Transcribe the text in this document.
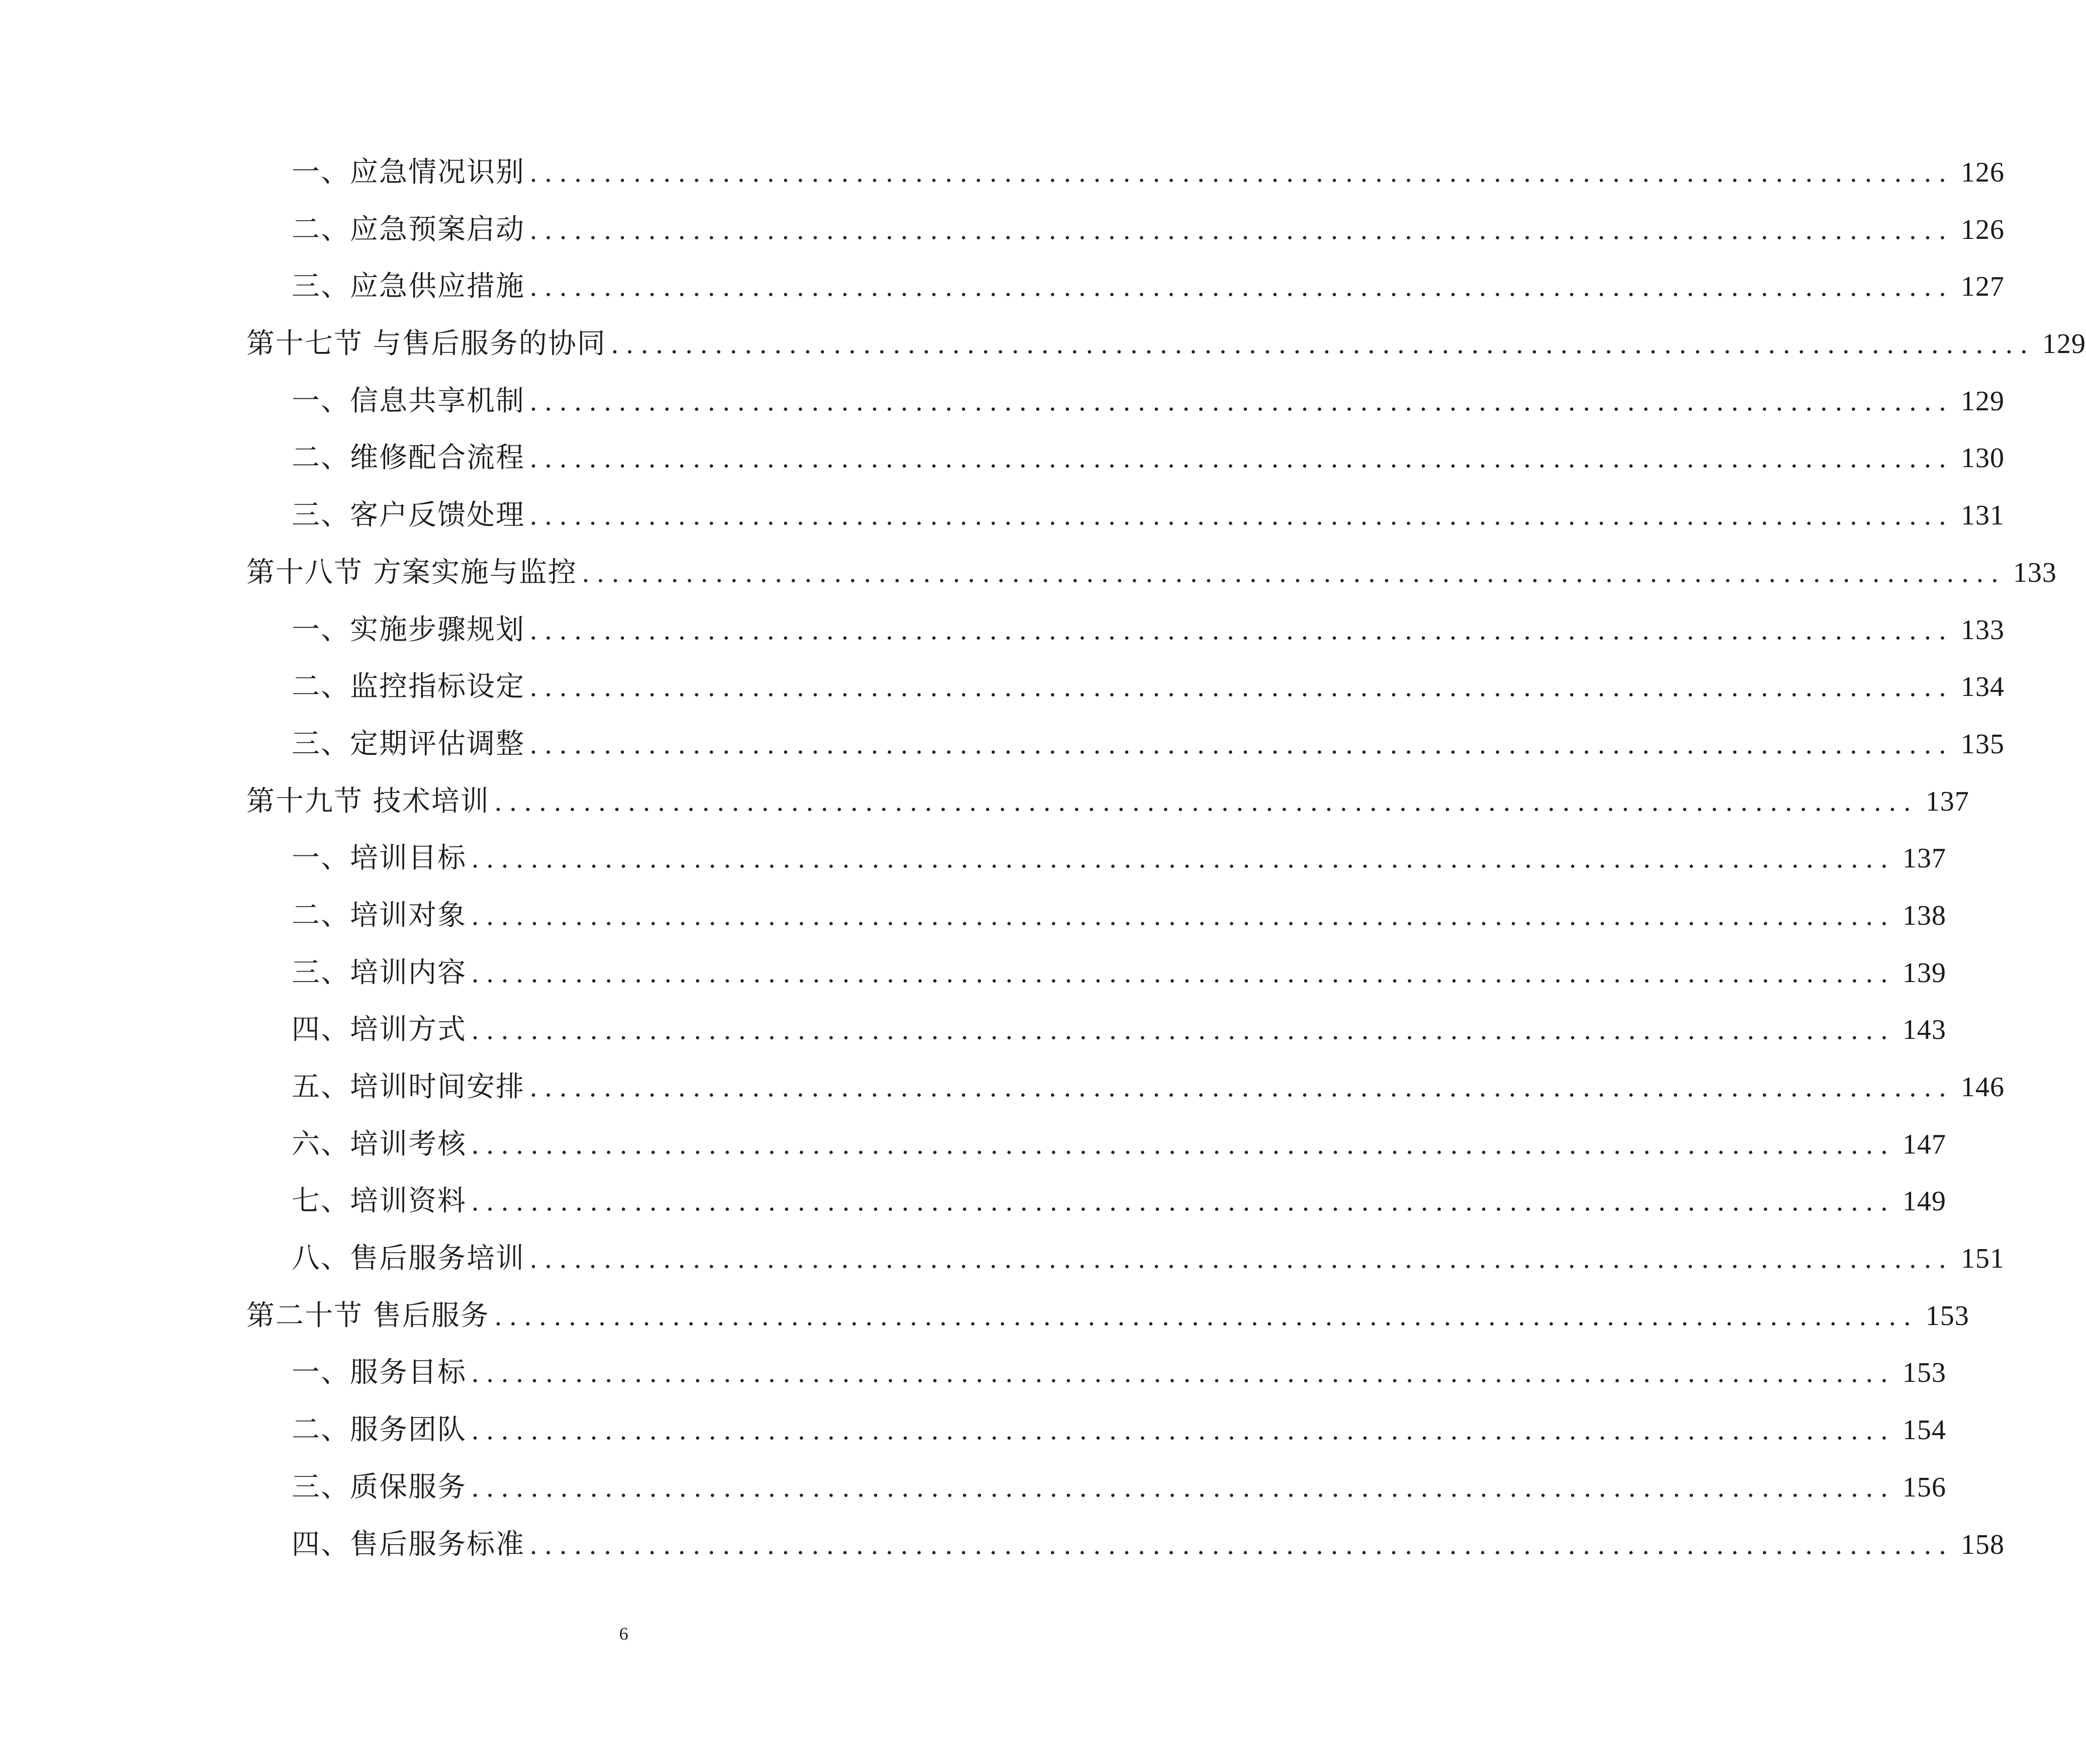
一、应急情况识别 ................................................................................................ 126
二、应急预案启动 ................................................................................................ 126
三、应急供应措施 ................................................................................................ 127
第十七节 与售后服务的协同 ................................................................................................ 129
一、信息共享机制 ................................................................................................ 129
二、维修配合流程 ................................................................................................ 130
三、客户反馈处理 ................................................................................................ 131
第十八节 方案实施与监控 ................................................................................................ 133
一、实施步骤规划 ................................................................................................ 133
二、监控指标设定 ................................................................................................ 134
三、定期评估调整 ................................................................................................ 135
第十九节 技术培训 ................................................................................................ 137
一、培训目标 ................................................................................................ 137
二、培训对象 ................................................................................................ 138
三、培训内容 ................................................................................................ 139
四、培训方式 ................................................................................................ 143
五、培训时间安排 ................................................................................................ 146
六、培训考核 ................................................................................................ 147
七、培训资料 ................................................................................................ 149
八、售后服务培训 ................................................................................................ 151
第二十节 售后服务 ................................................................................................ 153
一、服务目标 ................................................................................................ 153
二、服务团队 ................................................................................................ 154
三、质保服务 ................................................................................................ 156
四、售后服务标准 ................................................................................................ 158
6
